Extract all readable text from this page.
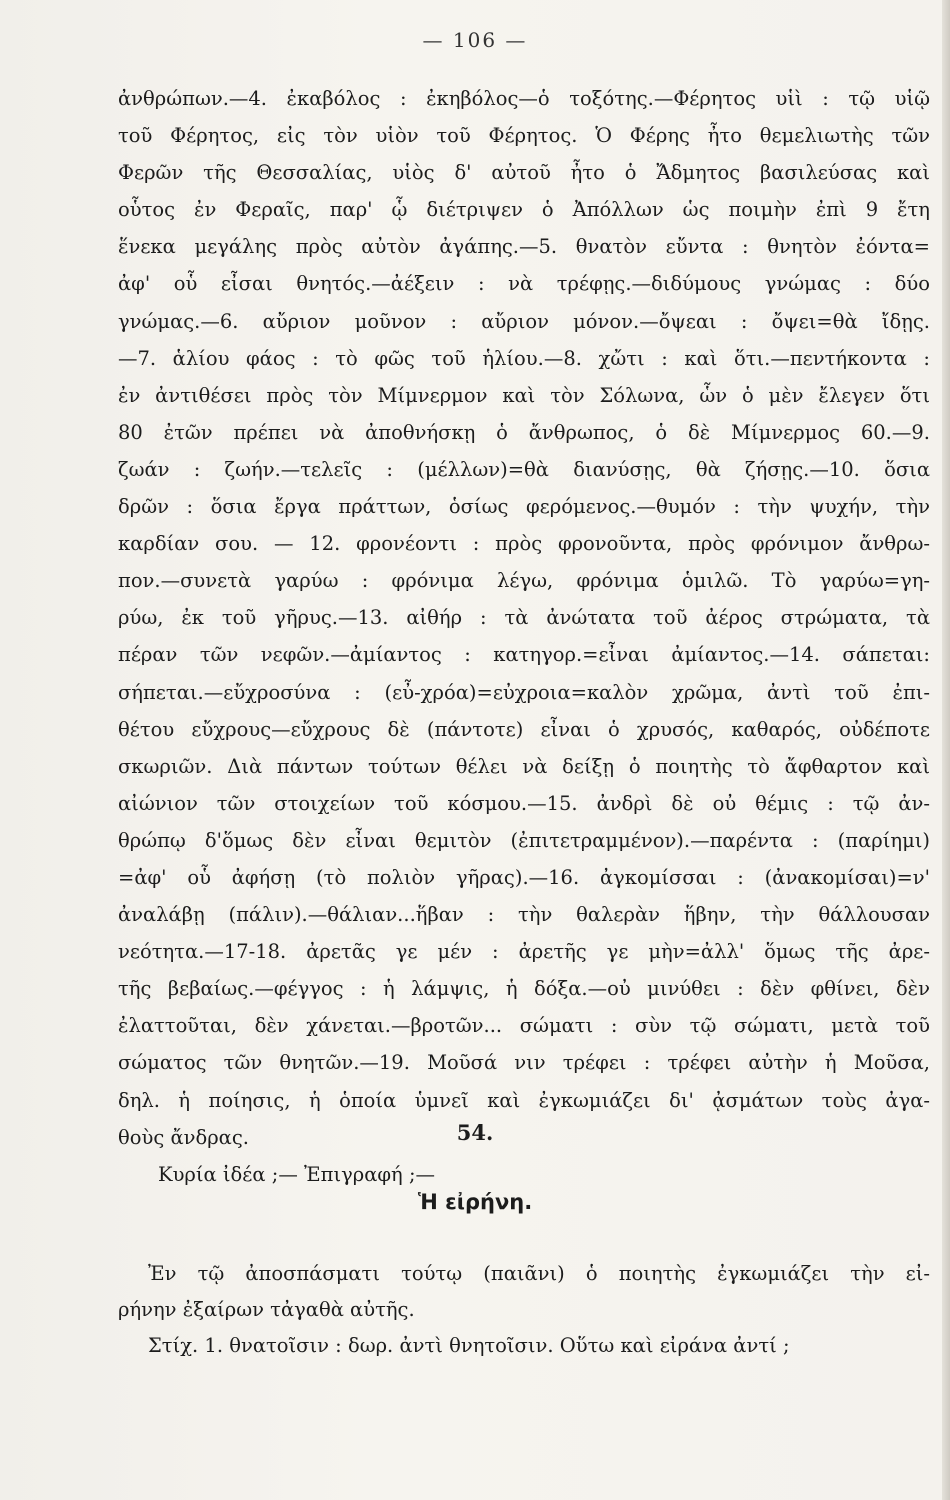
— 106 —
ἀνθρώπων.—4. ἐκαβόλος : ἐκηβόλος—ὁ τοξότης.—Φέρητος υἱὶ : τῷ υἱῷ
τοῦ Φέρητος, εἰς τὸν υἱὸν τοῦ Φέρητος. Ὁ Φέρης ἦτο θεμελιωτὴς τῶν
Φερῶν τῆς Θεσσαλίας, υἱὸς δ' αὐτοῦ ἦτο ὁ Ἄδμητος βασιλεύσας καὶ
οὗτος ἐν Φεραῖς, παρ' ᾧ διέτριψεν ὁ Ἀπόλλων ὡς ποιμὴν ἐπὶ 9 ἔτη
ἕνεκα μεγάλης πρὸς αὐτὸν ἀγάπης.—5. θνατὸν εὔντα : θνητὸν ἐόντα=
ἀφ' οὗ εἶσαι θνητός.—ἀέξειν : νὰ τρέφῃς.—διδύμους γνώμας : δύο
γνώμας.—6. αὔριον μοῦνον : αὔριον μόνον.—ὄψεαι : ὄψει=θὰ ἴδῃς.
—7. ἁλίου φάος : τὸ φῶς τοῦ ἡλίου.—8. χὤτι : καὶ ὅτι.—πεντήκοντα :
ἐν ἀντιθέσει πρὸς τὸν Μίμνερμον καὶ τὸν Σόλωνα, ὧν ὁ μὲν ἔλεγεν ὅτι
80 ἐτῶν πρέπει νὰ ἀποθνήσκῃ ὁ ἄνθρωπος, ὁ δὲ Μίμνερμος 60.—9.
ζωάν : ζωήν.—τελεῖς : (μέλλων)=θὰ διανύσῃς, θὰ ζήσῃς.—10. ὅσια
δρῶν : ὅσια ἔργα πράττων, ὁσίως φερόμενος.—θυμόν : τὴν ψυχήν, τὴν
καρδίαν σου. — 12. φρονέοντι : πρὸς φρονοῦντα, πρὸς φρόνιμον ἄνθρω-
πον.—συνετὰ γαρύω : φρόνιμα λέγω, φρόνιμα ὁμιλῶ. Τὸ γαρύω=γη-
ρύω, ἐκ τοῦ γῆρυς.—13. αἰθήρ : τὰ ἀνώτατα τοῦ ἀέρος στρώματα, τὰ
πέραν τῶν νεφῶν.—ἀμίαντος : κατηγορ.=εἶναι ἀμίαντος.—14. σάπεται:
σήπεται.—εὔχροσύνα : (εὖ-χρόα)=εὐχροια=καλὸν χρῶμα, ἀντὶ τοῦ ἐπι-
θέτου εὔχρους—εὔχρους δὲ (πάντοτε) εἶναι ὁ χρυσός, καθαρός, οὐδέποτε
σκωριῶν. Διὰ πάντων τούτων θέλει νὰ δείξῃ ὁ ποιητὴς τὸ ἄφθαρτον καὶ
αἰώνιον τῶν στοιχείων τοῦ κόσμου.—15. ἀνδρὶ δὲ οὐ θέμις : τῷ ἀν-
θρώπῳ δ'ὅμως δὲν εἶναι θεμιτὸν (ἐπιτετραμμένον).—παρέντα : (παρίημι)
=ἀφ' οὗ ἀφήσῃ (τὸ πολιὸν γῆρας).—16. ἀγκομίσσαι : (ἀνακομίσαι)=ν'
ἀναλάβῃ (πάλιν).—θάλιαν...ἥβαν : τὴν θαλερὰν ἥβην, τὴν θάλλουσαν
νεότητα.—17-18. ἀρετᾶς γε μέν : ἀρετῆς γε μὴν=ἀλλ' ὅμως τῆς ἀρε-
τῆς βεβαίως.—φέγγος : ἡ λάμψις, ἡ δόξα.—οὐ μινύθει : δὲν φθίνει, δὲν
ἐλαττοῦται, δὲν χάνεται.—βροτῶν... σώματι : σὺν τῷ σώματι, μετὰ τοῦ
σώματος τῶν θνητῶν.—19. Μοῦσά νιν τρέφει : τρέφει αὐτὴν ἡ Μοῦσα,
δηλ. ἡ ποίησις, ἡ ὁποία ὑμνεῖ καὶ ἐγκωμιάζει δι' ᾀσμάτων τοὺς ἀγα-
θοὺς ἄνδρας.
Κυρία ἰδέα ;— Ἐπιγραφή ;—
54.
Ἡ εἰρήνη.
Ἐν τῷ ἀποσπάσματι τούτῳ (παιᾶνι) ὁ ποιητὴς ἐγκωμιάζει τὴν εἰ-
ρήνην ἐξαίρων τἀγαθὰ αὐτῆς.
Στίχ. 1. θνατοῖσιν : δωρ. ἀντὶ θνητοῖσιν. Οὕτω καὶ εἰράνα ἀντί ;
